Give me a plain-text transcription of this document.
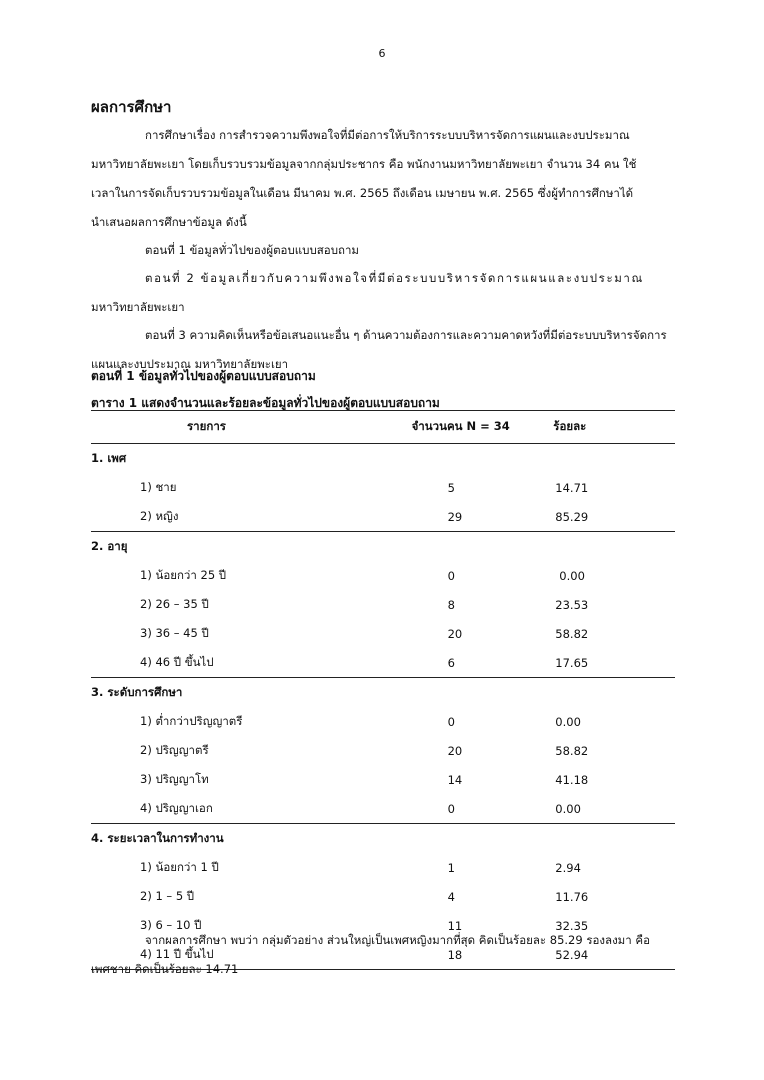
6
ผลการศึกษา
การศึกษาเรื่อง การสำรวจความพึงพอใจที่มีต่อการให้บริการระบบบริหารจัดการแผนและงบประมาณ
มหาวิทยาลัยพะเยา โดยเก็บรวบรวมข้อมูลจากกลุ่มประชากร คือ พนักงานมหาวิทยาลัยพะเยา จำนวน 34 คน ใช้
เวลาในการจัดเก็บรวบรวมข้อมูลในเดือน มีนาคม พ.ศ. 2565 ถึงเดือน เมษายน พ.ศ. 2565 ซึ่งผู้ทำการศึกษาได้
นำเสนอผลการศึกษาข้อมูล ดังนี้
ตอนที่ 1 ข้อมูลทั่วไปของผู้ตอบแบบสอบถาม
ตอนที่ 2 ข้อมูลเกี่ยวกับความพึงพอใจที่มีต่อระบบบริหารจัดการแผนและงบประมาณ
มหาวิทยาลัยพะเยา
ตอนที่ 3 ความคิดเห็นหรือข้อเสนอแนะอื่น ๆ ด้านความต้องการและความคาดหวังที่มีต่อระบบบริหารจัดการ
แผนและงบประมาณ มหาวิทยาลัยพะเยา
ตอนที่ 1 ข้อมูลทั่วไปของผู้ตอบแบบสอบถาม
ตาราง 1 แสดงจำนวนและร้อยละข้อมูลทั่วไปของผู้ตอบแบบสอบถาม
รายการ	จำนวนคน N = 34	ร้อยละ
1. เพศ		
1) ชาย	5	14.71
2) หญิง	29	85.29
2. อายุ		
1) น้อยกว่า 25 ปี	0	0.00
2) 26 – 35 ปี	8	23.53
3) 36 – 45 ปี	20	58.82
4) 46 ปี ขึ้นไป	6	17.65
3. ระดับการศึกษา		
1) ต่ำกว่าปริญญาตรี	0	0.00
2) ปริญญาตรี	20	58.82
3) ปริญญาโท	14	41.18
4) ปริญญาเอก	0	0.00
4. ระยะเวลาในการทำงาน		
1) น้อยกว่า 1 ปี	1	2.94
2) 1 – 5 ปี	4	11.76
3) 6 – 10 ปี	11	32.35
4) 11 ปี ขึ้นไป	18	52.94
จากผลการศึกษา พบว่า กลุ่มตัวอย่าง ส่วนใหญ่เป็นเพศหญิงมากที่สุด คิดเป็นร้อยละ 85.29 รองลงมา คือ
เพศชาย คิดเป็นร้อยละ 14.71
